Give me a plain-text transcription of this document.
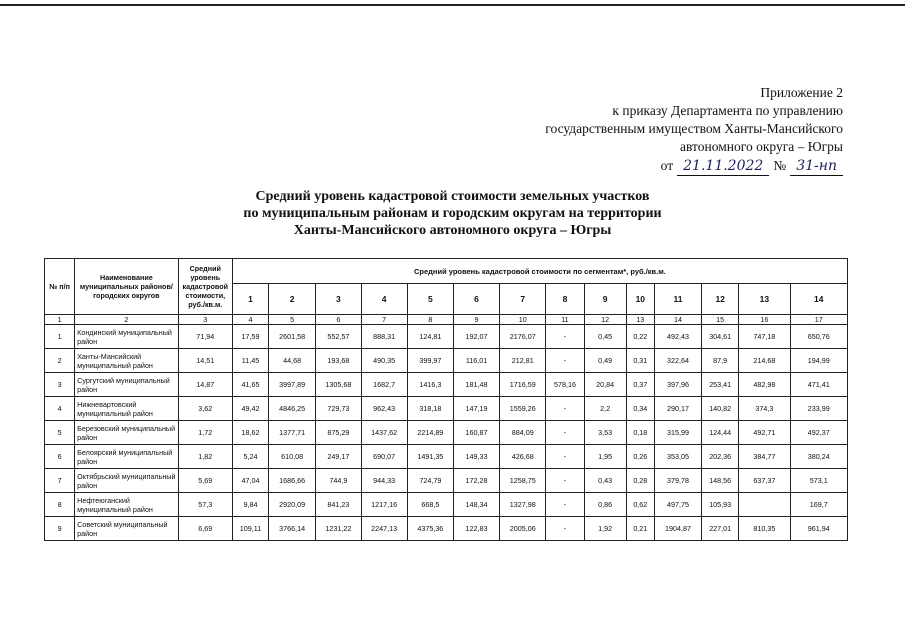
Приложение 2
к приказу Департамента по управлению
государственным имуществом Ханты-Мансийского
автономного округа – Югры
от 21.11.2022 № 31-нп
Средний уровень кадастровой стоимости земельных участков
по муниципальным районам и городским округам на территории
Ханты-Мансийского автономного округа – Югры
№ п/п	Наименование муниципальных районов/городских округов	Средний уровень кадастровой стоимости, руб./кв.м.	Средний уровень кадастровой стоимости по сегментам*, руб./кв.м.													
			1	2	3	4	5	6	7	8	9	10	11	12	13	14
1	2	3	4	5	6	7	8	9	10	11	12	13	14	15	16	17
1	Кондинский муниципальный район	71,94	17,59	2601,58	552,57	888,31	124,81	192,07	2176,07	-	0,45	0,22	492,43	304,61	747,18	650,76
2	Ханты-Мансийский муниципальный район	14,51	11,45	44,68	193,68	490,35	399,97	116,01	212,81	-	0,49	0,31	322,64	87,9	214,68	194,99
3	Сургутский муниципальный район	14,87	41,65	3997,89	1305,68	1682,7	1416,3	181,48	1716,59	578,16	20,84	0,37	397,96	253,41	482,98	471,41
4	Нижневартовский муниципальный район	3,62	49,42	4846,25	729,73	962,43	318,18	147,19	1559,26	-	2,2	0,34	290,17	140,82	374,3	233,99
5	Березовский муниципальный район	1,72	18,62	1377,71	875,29	1437,62	2214,89	160,87	884,09	-	3,53	0,18	315,99	124,44	492,71	492,37
6	Белоярский муниципальный район	1,82	5,24	610,08	249,17	690,07	1491,35	149,33	426,68	-	1,95	0,26	353,05	202,36	384,77	380,24
7	Октябрьский муниципальный район	5,69	47,04	1686,66	744,9	944,33	724,79	172,28	1258,75	-	0,43	0,28	379,78	148,56	637,37	573,1
8	Нефтеюганский муниципальный район	57,3	9,84	2920,09	841,23	1217,16	668,5	148,34	1327,98	-	0,86	0,62	497,75	105,93		169,7
9	Советский муниципальный район	6,69	109,11	3766,14	1231,22	2247,13	4375,36	122,83	2005,06	-	1,92	0,21	1904,87	227,01	810,35	961,94
